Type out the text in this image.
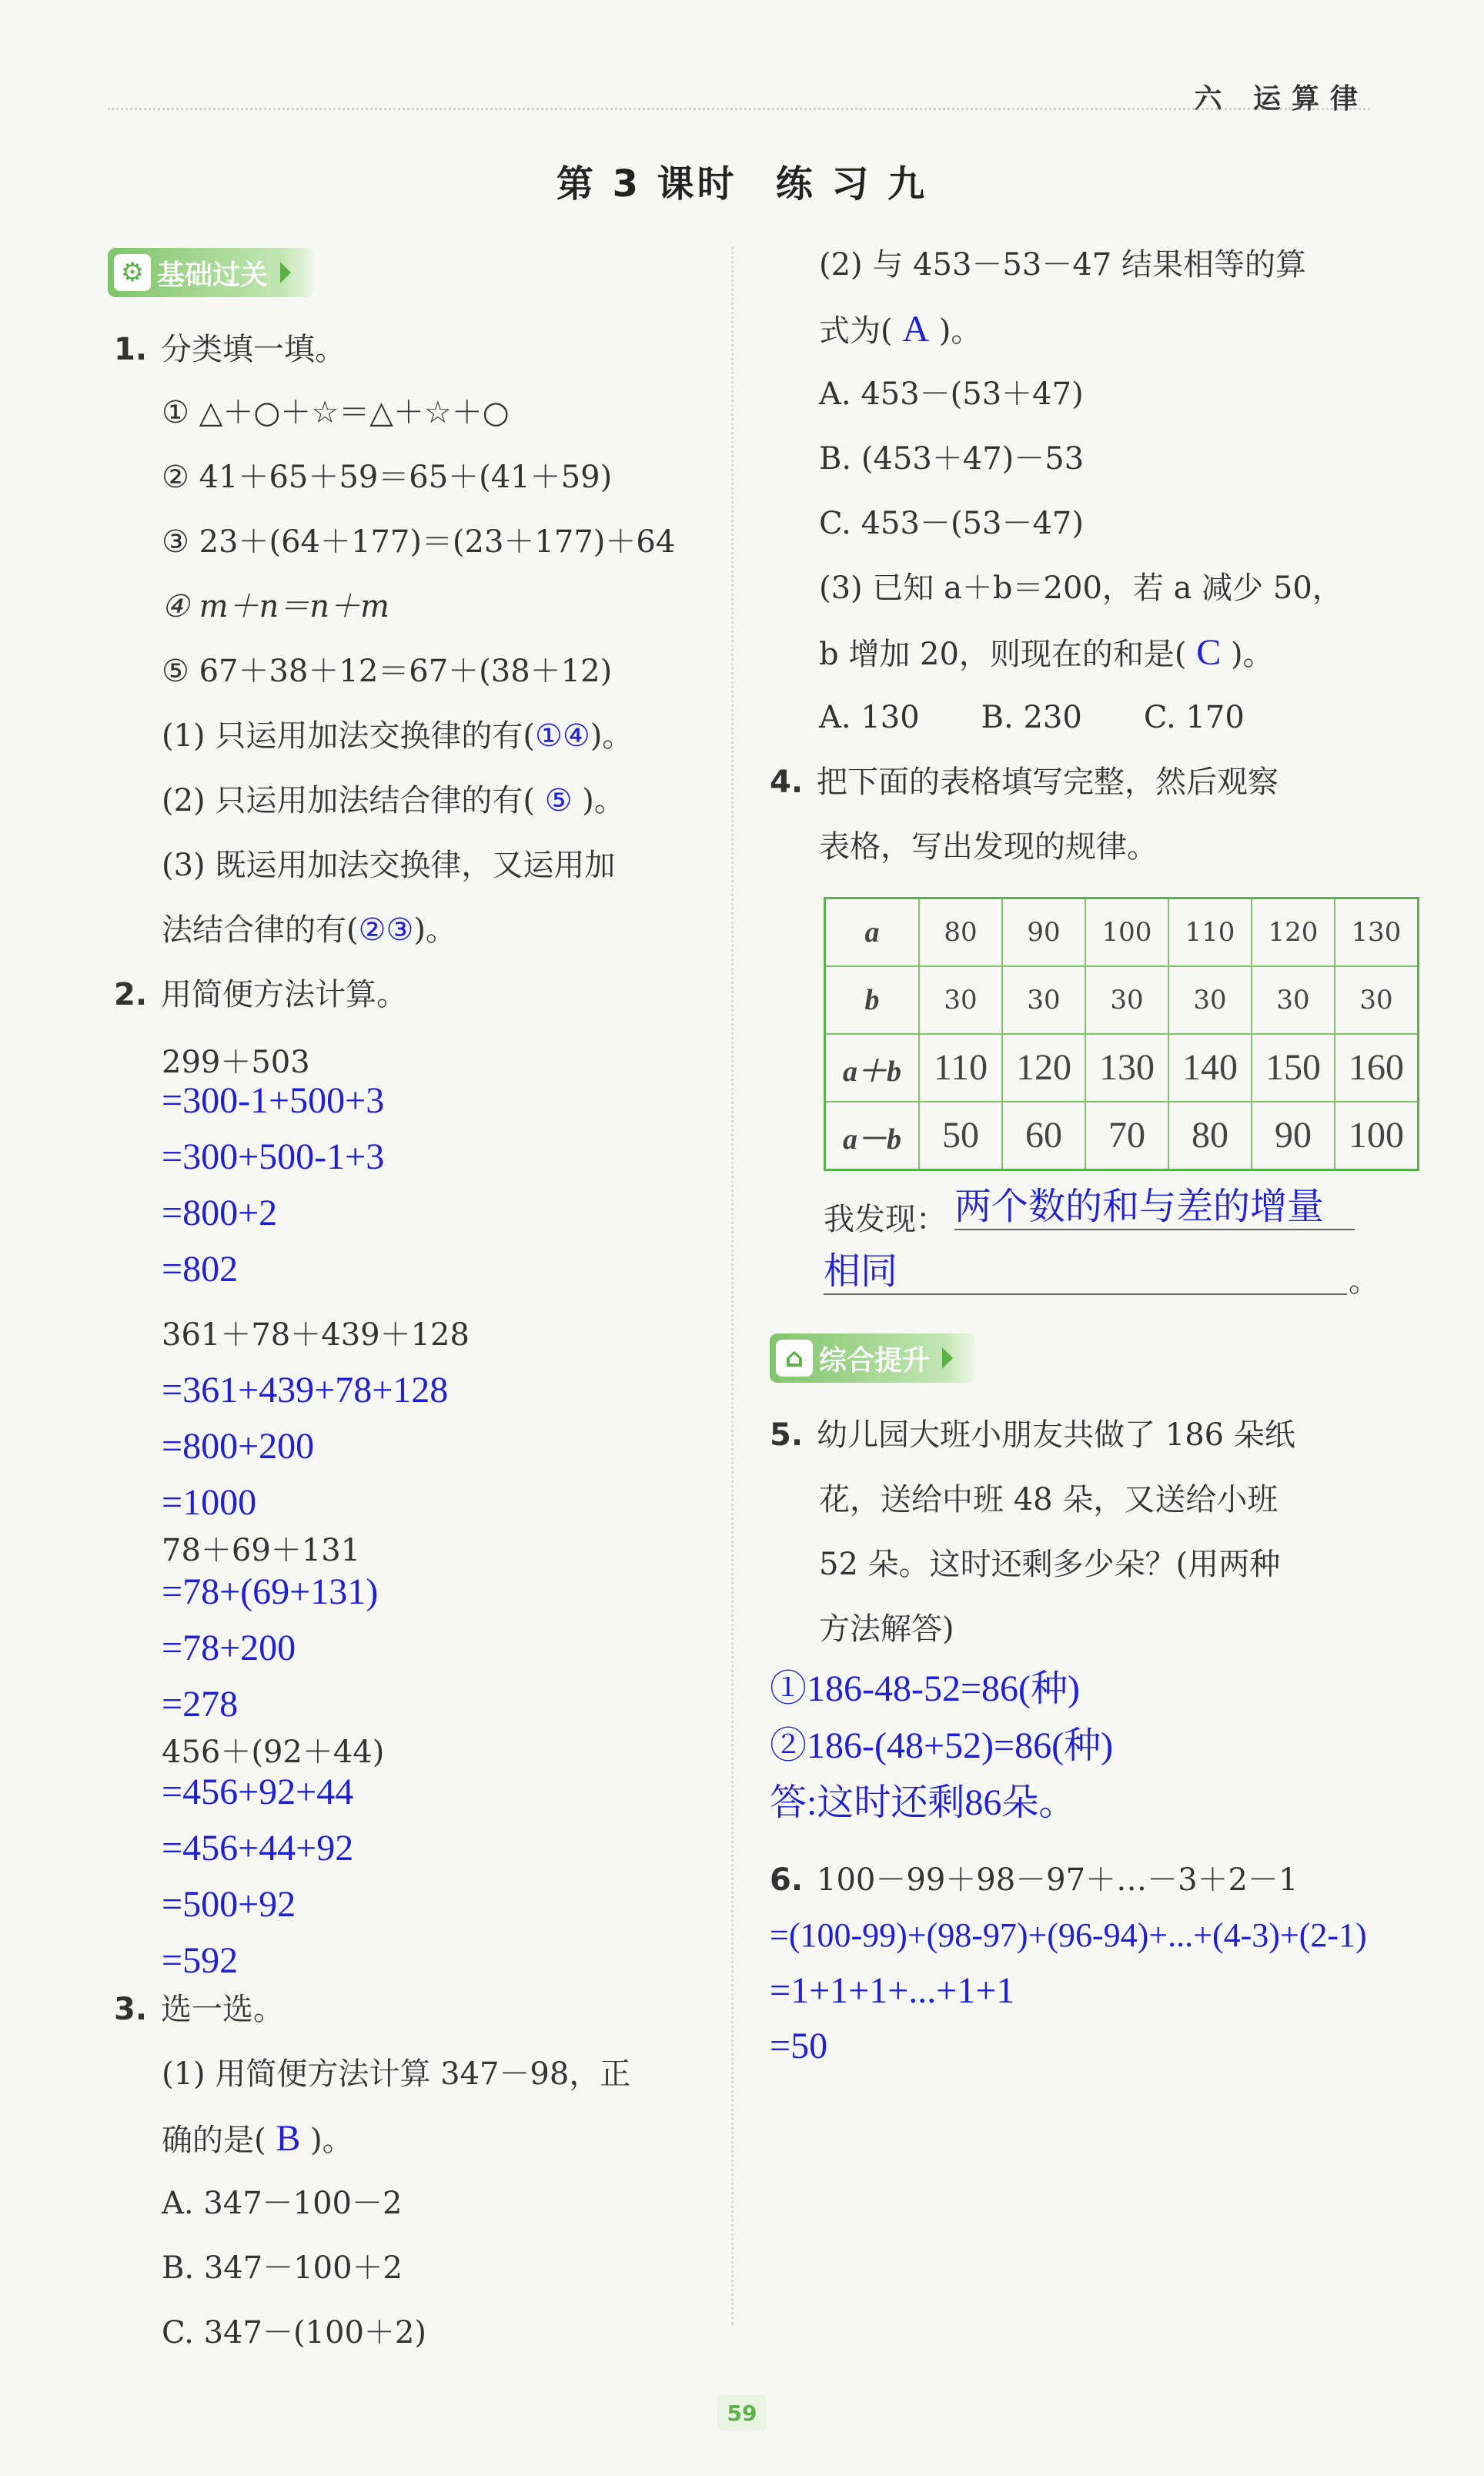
六 运算律
第 3 课时 练 习 九
⚙ 基础过关
1. 分类填一填。
① △＋○＋☆＝△＋☆＋○
② 41＋65＋59＝65＋(41＋59)
③ 23＋(64＋177)＝(23＋177)＋64
④ m＋n＝n＋m
⑤ 67＋38＋12＝67＋(38＋12)
(1) 只运用加法交换律的有(①④)。
(2) 只运用加法结合律的有( ⑤ )。
(3) 既运用加法交换律，又运用加
法结合律的有(②③)。
2. 用简便方法计算。
299＋503
=300-1+500+3
=300+500-1+3
=800+2
=802
361＋78＋439＋128
=361+439+78+128
=800+200
=1000
78＋69＋131
=78+(69+131)
=78+200
=278
456＋(92＋44)
=456+92+44
=456+44+92
=500+92
=592
3. 选一选。
(1) 用简便方法计算 347－98，正
确的是( B )。
A. 347－100－2
B. 347－100＋2
C. 347－(100＋2)
(2) 与 453－53－47 结果相等的算
式为( A )。
A. 453－(53＋47)
B. (453＋47)－53
C. 453－(53－47)
(3) 已知 a＋b＝200，若 a 减少 50，
b 增加 20，则现在的和是( C )。
A. 130　　B. 230　　C. 170
4. 把下面的表格填写完整，然后观察
表格，写出发现的规律。
a	80	90	100	110	120	130
b	30	30	30	30	30	30
a＋b	110	120	130	140	150	160
a－b	50	60	70	80	90	100
我发现： 两个数的和与差的增量
相同	。
⌂ 综合提升
5. 幼儿园大班小朋友共做了 186 朵纸
花，送给中班 48 朵，又送给小班
52 朵。这时还剩多少朵？(用两种
方法解答)
①186-48-52=86(种)
②186-(48+52)=86(种)
答:这时还剩86朵。
6. 100－99＋98－97＋…－3＋2－1
=(100-99)+(98-97)+(96-94)+...+(4-3)+(2-1)
=1+1+1+...+1+1
=50
59
